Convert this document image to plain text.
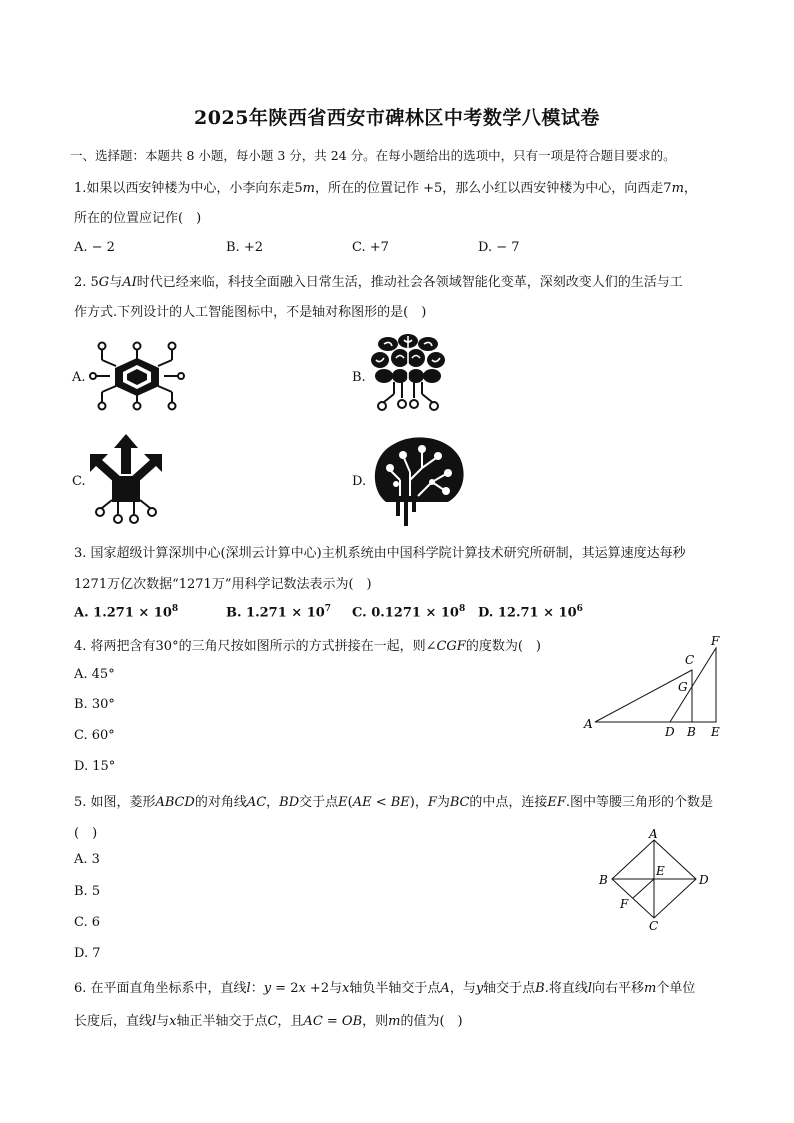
2025年陕西省西安市碑林区中考数学八模试卷
一、选择题：本题共 8 小题，每小题 3 分，共 24 分。在每小题给出的选项中，只有一项是符合题目要求的。
1.如果以西安钟楼为中心，小李向东走5𝑚，所在的位置记作 +5，那么小红以西安钟楼为中心，向西走7𝑚，
所在的位置应记作(　)
A. − 2	B. +2	C. +7	D. − 7
2. 5𝐺与𝐴𝐼时代已经来临，科技全面融入日常生活，推动社会各领域智能化变革，深刻改变人们的生活与工
作方式.下列设计的人工智能图标中，不是轴对称图形的是(　)
A.	B.
C.	D.
3. 国家超级计算深圳中心(深圳云计算中心)主机系统由中国科学院计算技术研究所研制，其运算速度达每秒
1271万亿次数据“1271万”用科学记数法表示为(　)
A. $1.271 \times 10^8$	B. $1.271 \times 10^7$ C. $0.1271 \times 10^8$ D. $12.71 \times 10^6$
4. 将两把含有30°的三角尺按如图所示的方式拼接在一起，则∠𝐶𝐺𝐹的度数为(　)
A. 45°
B. 30°
C. 60°
D. 15°
A
C
F
G
D B E
5. 如图，菱形𝐴𝐵𝐶𝐷的对角线𝐴𝐶，𝐵𝐷交于点𝐸(𝐴𝐸 < 𝐵𝐸)，𝐹为𝐵𝐶的中点，连接𝐸𝐹.图中等腰三角形的个数是
(　)
A. 3
B. 5
C. 6
D. 7
A
B	D
C
E
F
6. 在平面直角坐标系中，直线𝑙：𝑦 = 2𝑥 +2与𝑥轴负半轴交于点𝐴，与𝑦轴交于点𝐵.将直线𝑙向右平移𝑚个单位
长度后，直线𝑙与𝑥轴正半轴交于点𝐶，且𝐴𝐶 = 𝑂𝐵，则𝑚的值为(　)
